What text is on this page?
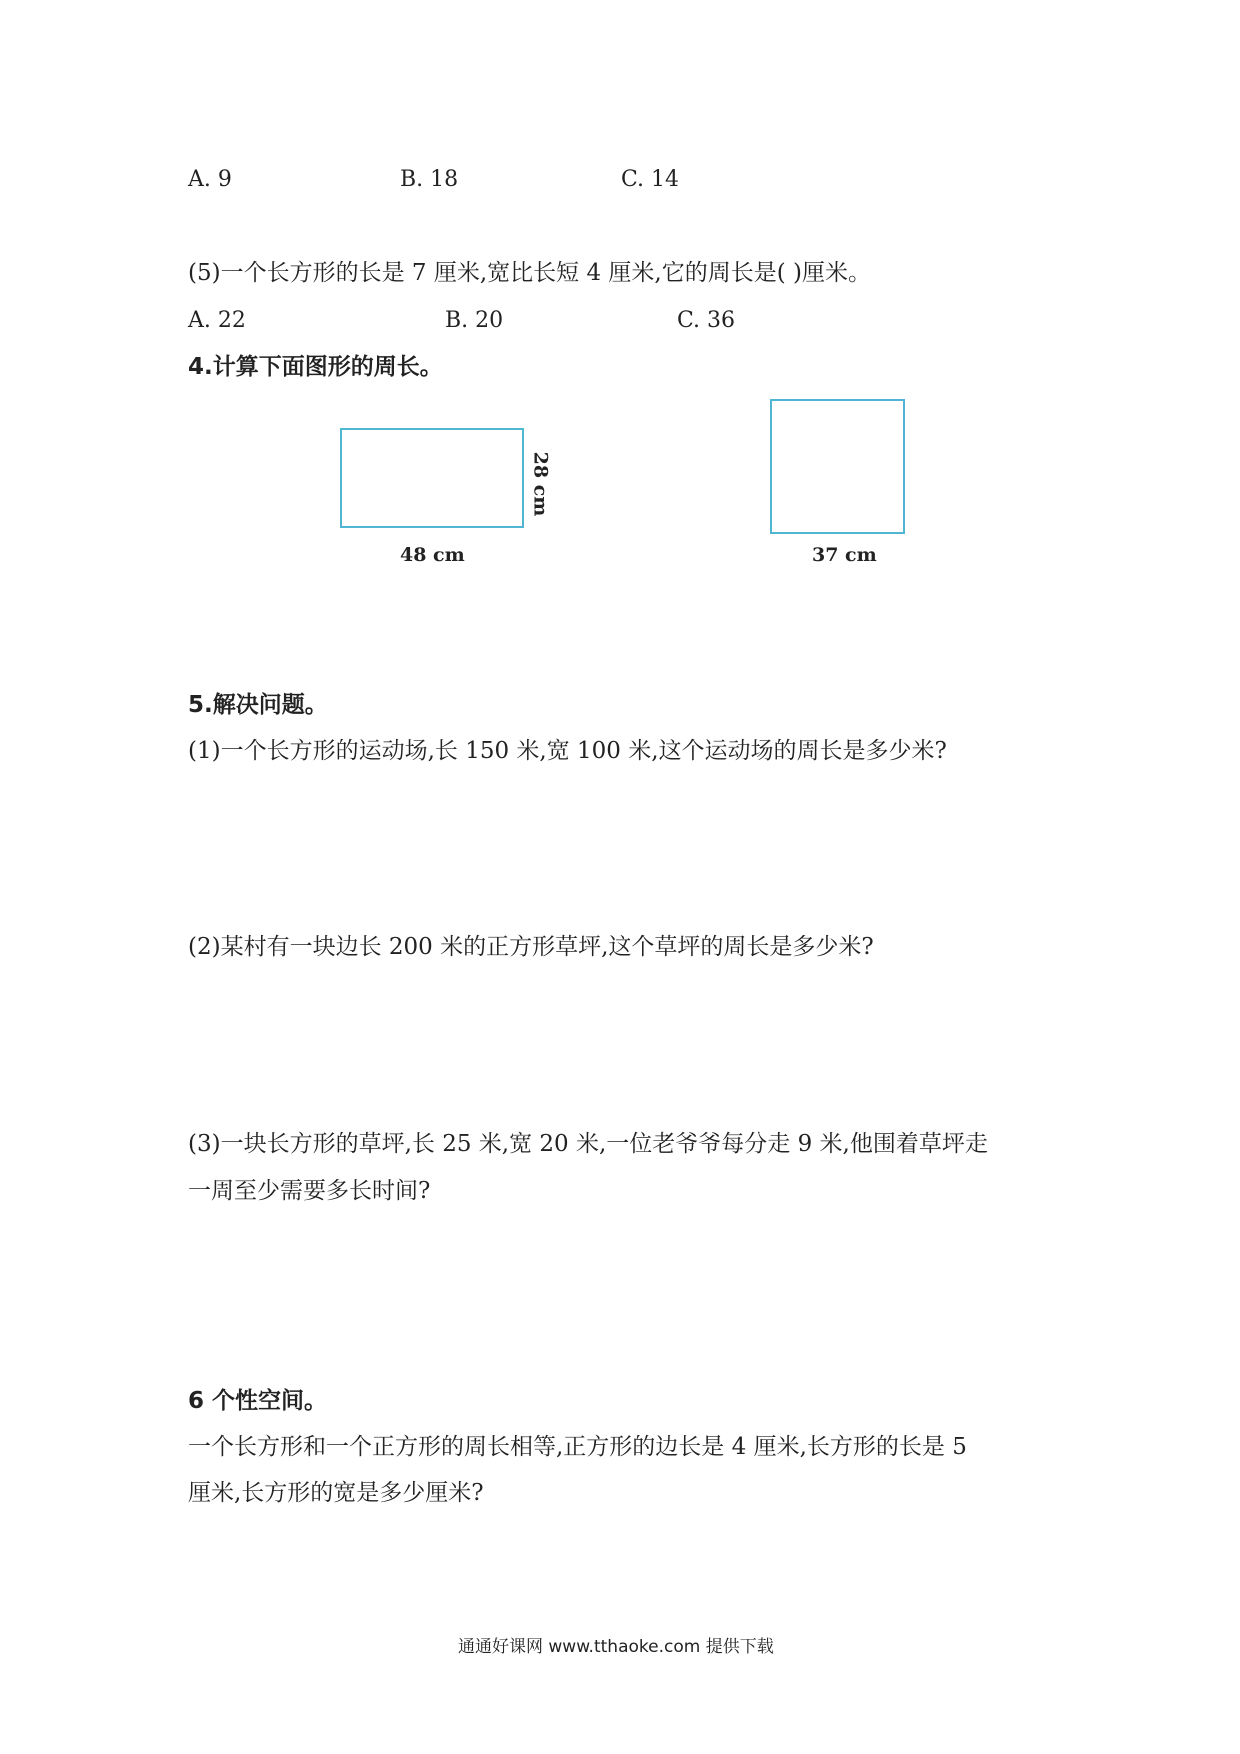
A. 9	B. 18	C. 14
(5)一个长方形的长是 7 厘米,宽比长短 4 厘米,它的周长是( )厘米。
A. 22	B. 20	C. 36
4.计算下面图形的周长。
48 cm
28 cm
37 cm
5.解决问题。
(1)一个长方形的运动场,长 150 米,宽 100 米,这个运动场的周长是多少米?
(2)某村有一块边长 200 米的正方形草坪,这个草坪的周长是多少米?
(3)一块长方形的草坪,长 25 米,宽 20 米,一位老爷爷每分走 9 米,他围着草坪走
一周至少需要多长时间?
6 个性空间。
一个长方形和一个正方形的周长相等,正方形的边长是 4 厘米,长方形的长是 5
厘米,长方形的宽是多少厘米?
通通好课网 www.tthaoke.com 提供下载
